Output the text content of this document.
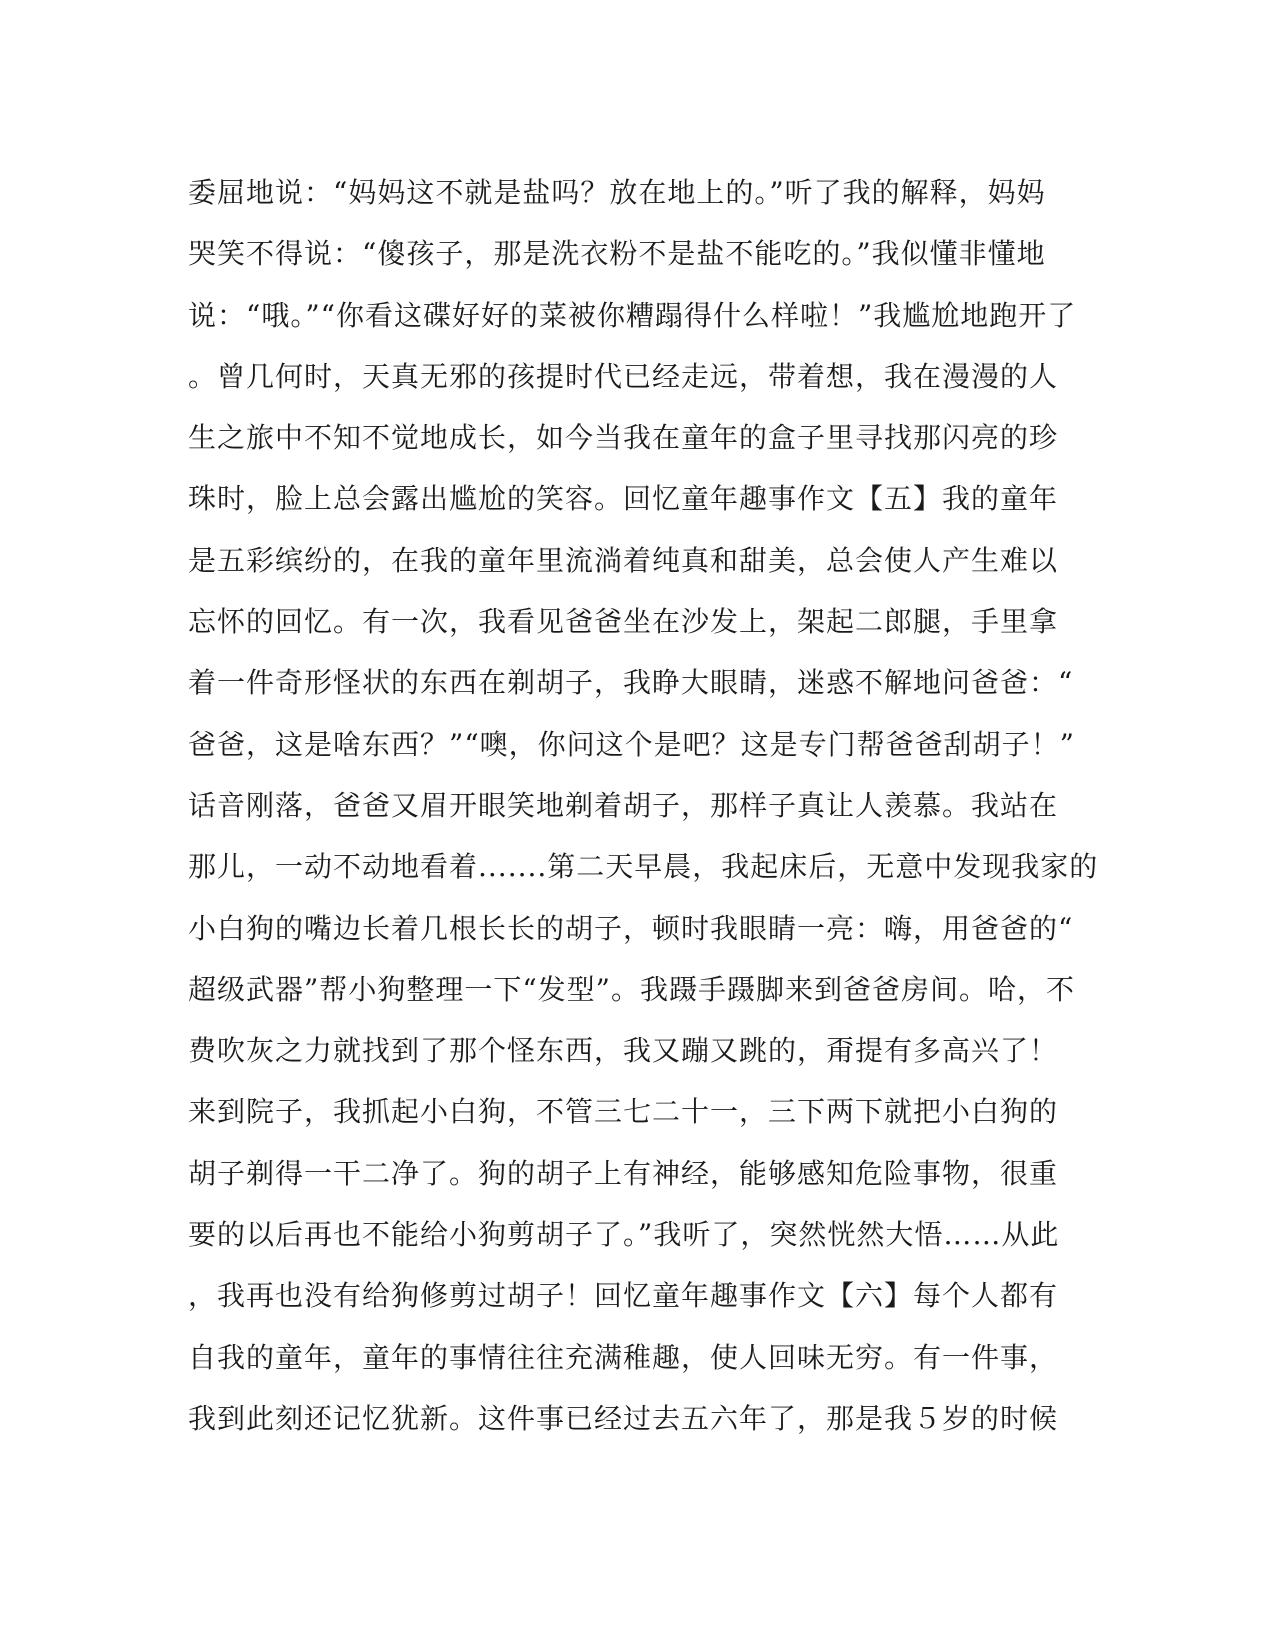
委屈地说：“妈妈这不就是盐吗？放在地上的。”听了我的解释，妈妈
哭笑不得说：“傻孩子，那是洗衣粉不是盐不能吃的。”我似懂非懂地
说：“哦。”“你看这碟好好的菜被你糟蹋得什么样啦！”我尴尬地跑开了
。曾几何时，天真无邪的孩提时代已经走远，带着想，我在漫漫的人
生之旅中不知不觉地成长，如今当我在童年的盒子里寻找那闪亮的珍
珠时，脸上总会露出尴尬的笑容。回忆童年趣事作文【五】我的童年
是五彩缤纷的，在我的童年里流淌着纯真和甜美，总会使人产生难以
忘怀的回忆。有一次，我看见爸爸坐在沙发上，架起二郎腿，手里拿
着一件奇形怪状的东西在剃胡子，我睁大眼睛，迷惑不解地问爸爸：“
爸爸，这是啥东西？”“噢，你问这个是吧？这是专门帮爸爸刮胡子！”
话音刚落，爸爸又眉开眼笑地剃着胡子，那样子真让人羡慕。我站在
那儿，一动不动地看着.......第二天早晨，我起床后，无意中发现我家的
小白狗的嘴边长着几根长长的胡子，顿时我眼睛一亮：嗨，用爸爸的“
超级武器”帮小狗整理一下“发型”。我蹑手蹑脚来到爸爸房间。哈，不
费吹灰之力就找到了那个怪东西，我又蹦又跳的，甭提有多高兴了！
来到院子，我抓起小白狗，不管三七二十一，三下两下就把小白狗的
胡子剃得一干二净了。狗的胡子上有神经，能够感知危险事物，很重
要的以后再也不能给小狗剪胡子了。”我听了，突然恍然大悟……从此
，我再也没有给狗修剪过胡子！回忆童年趣事作文【六】每个人都有
自我的童年，童年的事情往往充满稚趣，使人回味无穷。有一件事，
我到此刻还记忆犹新。这件事已经过去五六年了，那是我５岁的时候
